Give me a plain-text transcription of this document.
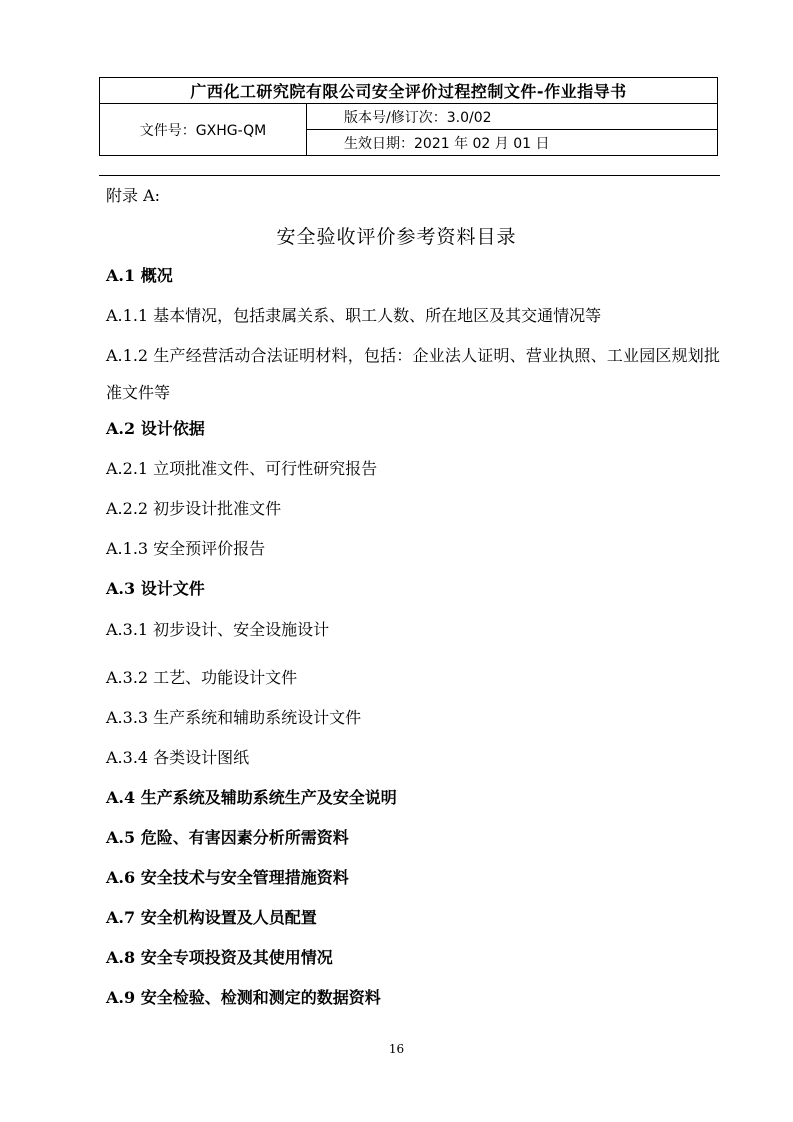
广西化工研究院有限公司安全评价过程控制文件-作业指导书
文件号：GXHG-QM
版本号/修订次：3.0/02
生效日期：2021 年 02 月 01 日
附录 A:
安全验收评价参考资料目录
A.1 概况
A.1.1 基本情况，包括隶属关系、职工人数、所在地区及其交通情况等
A.1.2 生产经营活动合法证明材料，包括：企业法人证明、营业执照、工业园区规划批准文件等
A.2 设计依据
A.2.1 立项批准文件、可行性研究报告
A.2.2 初步设计批准文件
A.1.3 安全预评价报告
A.3 设计文件
A.3.1 初步设计、安全设施设计
A.3.2 工艺、功能设计文件
A.3.3 生产系统和辅助系统设计文件
A.3.4 各类设计图纸
A.4 生产系统及辅助系统生产及安全说明
A.5 危险、有害因素分析所需资料
A.6 安全技术与安全管理措施资料
A.7 安全机构设置及人员配置
A.8 安全专项投资及其使用情况
A.9 安全检验、检测和测定的数据资料
16
